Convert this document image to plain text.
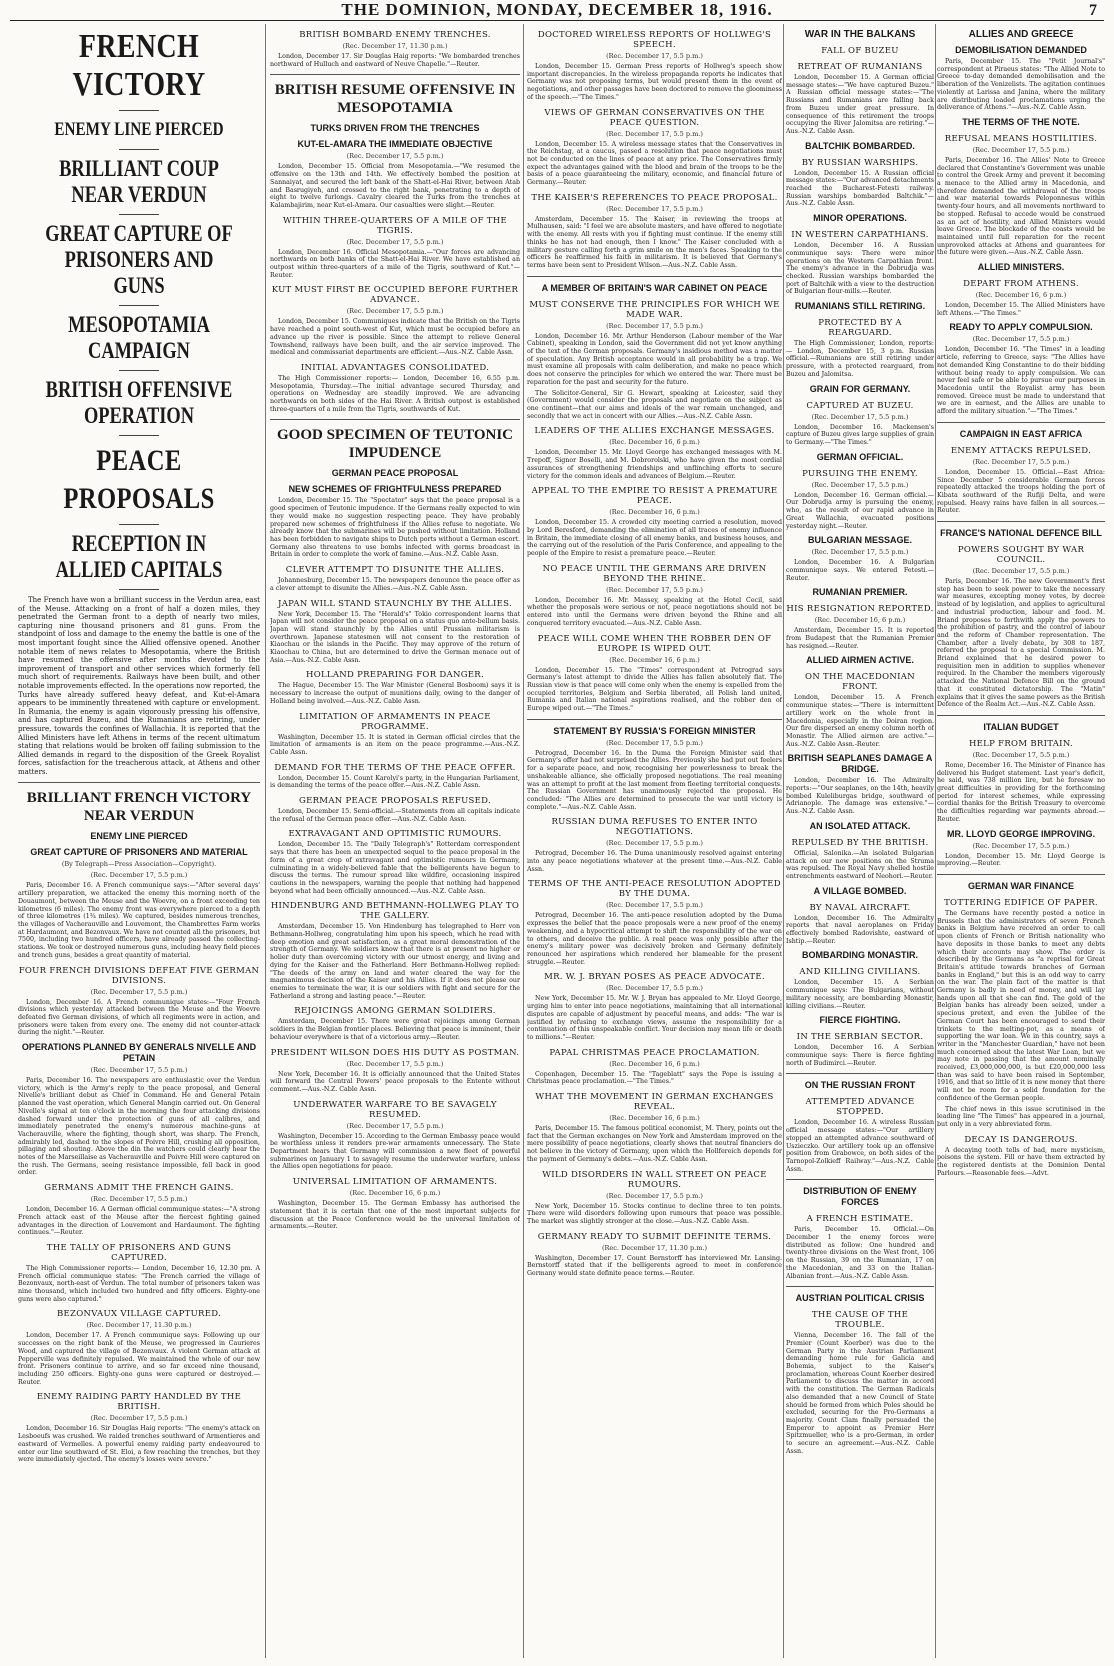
THE DOMINION, MONDAY, DECEMBER 18, 1916.	7
FRENCH VICTORY
ENEMY LINE PIERCED
BRILLIANT COUP NEAR VERDUN
GREAT CAPTURE OF PRISONERS AND GUNS
MESOPOTAMIA CAMPAIGN
BRITISH OFFENSIVE OPERATION
PEACE PROPOSALS
RECEPTION IN ALLIED CAPITALS

The French have won a brilliant success in the Verdun area, east of the Meuse. Attacking on a front of half a dozen miles, they penetrated the German front to a depth of nearly two miles, capturing nine thousand prisoners and 81 guns. From the standpoint of loss and damage to the enemy the battle is one of the most important fought since the Allied offensive opened. Another notable item of news relates to Mesopotamia, where the British have resumed the offensive after months devoted to the improvement of transport and other services which formerly fell much short of requirements. Railways have been built, and other notable improvements effected. In the operations now reported, the Turks have already suffered heavy defeat, and Kut-el-Amara appears to be imminently threatened with capture or envelopment. In Rumania, the enemy is again vigorously pressing his offensive, and has captured Buzeu, and the Rumanians are retiring, under pressure, towards the confines of Wallachia. It is reported that the Allied Ministers have left Athens in terms of the recent ultimatum stating that relations would be broken off failing submission to the Allied demands in regard to the disposition of the Greek Royalist forces, satisfaction for the treacherous attack, at Athens and other matters.

BRILLIANT FRENCH VICTORY NEAR VERDUN
ENEMY LINE PIERCED
GREAT CAPTURE OF PRISONERS AND MATERIAL
(By Telegraph—Press Association—Copyright).
(Rec. December 17, 5.5 p.m.)

Paris, December 16. A French communique says:—"After several days' artillery preparation, we attacked the enemy this morning north of the Douaumont, between the Meuse and the Woevre, on a front exceeding ten kilometres (6 miles). The enemy front was everywhere pierced to a depth of three kilometres (1¾ miles). We captured, besides numerous trenches, the villages of Vacherauville and Louvemont, the Chambrettes Farm works at Hardaumont, and Bezonvaux. We have not counted all the prisoners, but 7500, including two hundred officers, have already passed the collecting-stations. We took or destroyed numerous guns, including heavy field pieces and trench guns, besides a great quantity of material.

FOUR FRENCH DIVISIONS DEFEAT FIVE GERMAN DIVISIONS.
(Rec. December 17, 5.5 p.m.)

London, December 16. A French communique states:—"Four French divisions which yesterday attacked between the Meuse and the Woevre defeated five German divisions, of which all regiments were in action, and prisoners were taken from every one. The enemy did not counter-attack during the night."—Reuter.

OPERATIONS PLANNED BY GENERALS NIVELLE AND PETAIN
(Rec. December 17, 5.5 p.m.)

Paris, December 16. The newspapers are enthusiastic over the Verdun victory, which is the Army's reply to the peace proposal, and General Nivelle's brilliant debut as Chief in Command. He and General Petain planned the vast operation, which General Mangin carried out. On General Nivelle's signal at ten o'clock in the morning the four attacking divisions dashed forward under the protection of guns of all calibres, and immediately penetrated the enemy's numerous machine-guns at Vacherauville, where the fighting, though short, was sharp. The French, admirably led, dashed to the slopes of Poivre Hill, crushing all opposition, pillaging and shouting. Above the din the watchers could clearly hear the notes of the Marseillaise as Vacherauville and Poivre Hill were captured on the rush. The Germans, seeing resistance impossible, fell back in good order.

GERMANS ADMIT THE FRENCH GAINS.
(Rec. December 17, 5.5 p.m.)

London, December 16. A German official communique states:—"A strong French attack east of the Meuse after the fiercest fighting gained advantages in the direction of Louvemont and Hardaumont. The fighting continues."—Reuter.

THE TALLY OF PRISONERS AND GUNS CAPTURED.

The High Commissioner reports:— London, December 16, 12.30 pm. A French official communique states: "The French carried the village of Bezonvaux, north-east of Verdun. The total number of prisoners taken was nine thousand, which included two hundred and fifty officers. Eighty-one guns were also captured."

BEZONVAUX VILLAGE CAPTURED.
(Rec. December 17, 11.30 p.m.)

London, December 17. A French communique says: Following up our successes on the right bank of the Meuse, we progressed in Caurieres Wood, and captured the village of Bezonvaux. A violent German attack at Pepperville was definitely repulsed. We maintained the whole of our new front. Prisoners continue to arrive, and so far exceed nine thousand, including 250 officers. Eighty-one guns were captured or destroyed.—Reuter.

ENEMY RAIDING PARTY HANDLED BY THE BRITISH.
(Rec. December 17, 5.5 p.m.)

London, December 16. Sir Douglas Haig reports: "The enemy's attack on Lesboeufs was crushed. We raided trenches southward of Armentieres and eastward of Vermelles. A powerful enemy raiding party endeavoured to enter our line southward of St. Eloi, a few reaching the trenches, but they were immediately ejected. The enemy's losses were severe."

BRITISH BOMBARD ENEMY TRENCHES.
(Rec. December 17, 11.30 p.m.)

London, December 17. Sir Douglas Haig reports: "We bombarded trenches northward of Hulluch and eastward of Neuve Chapelle."—Reuter.

BRITISH RESUME OFFENSIVE IN MESOPOTAMIA
TURKS DRIVEN FROM THE TRENCHES
KUT-EL-AMARA THE IMMEDIATE OBJECTIVE
(Rec. December 17, 5.5 p.m.)

London, December 15. Official from Mesopotamia.—"We resumed the offensive on the 13th and 14th. We effectively bombed the position at Sannaiyat, and secured the left bank of the Shatt-el-Hai River, between Atab and Basrugiyeh, and crossed to the right bank, penetrating to a depth of eight to twelve furlongs. Cavalry cleared the Turks from the trenches at Kalambajirim, near Kut-el-Amara. Our casualties were slight.—Reuter.

WITHIN THREE-QUARTERS OF A MILE OF THE TIGRIS.
(Rec. December 17, 5.5 p.m.)

London, December 16. Official Mesopotamia.—"Our forces are advancing northwards on both banks of the Shatt-el-Hai River. We have established an outpost within three-quarters of a mile of the Tigris, southward of Kut."—Reuter.

KUT MUST FIRST BE OCCUPIED BEFORE FURTHER ADVANCE.
(Rec. December 17, 5.5 p.m.)

London, December 15. Communiques indicate that the British on the Tigris have reached a point south-west of Kut, which must be occupied before an advance up the river is possible. Since the attempt to relieve General Townshend, railways have been built, and the air service improved. The medical and commissariat departments are efficient.—Aus.-N.Z. Cable Assn.

INITIAL ADVANTAGES CONSOLIDATED.

The High Commissioner reports:— London, December 16, 6.55 p.m. Mesopotamia, Thursday.—The initial advantage secured Thursday, and operations on Wednesday are steadily improved. We are advancing northwards on both sides of the Hai River. A British outpost is established three-quarters of a mile from the Tigris, southwards of Kut.

GOOD SPECIMEN OF TEUTONIC IMPUDENCE
GERMAN PEACE PROPOSAL
NEW SCHEMES OF FRIGHTFULNESS PREPARED

London, December 15. The "Spectator" says that the peace proposal is a good specimen of Teutonic impudence. If the Germans really expected to win they would make no suggestion respecting peace. They have probably prepared new schemes of frightfulness if the Allies refuse to negotiate. We already know that the submarines will be pushed without limitation. Holland has been forbidden to navigate ships to Dutch ports without a German escort. Germany also threatens to use bombs infected with germs broadcast in Britain in order to complete the work of famine.—Aus.-N.Z. Cable Assn.

CLEVER ATTEMPT TO DISUNITE THE ALLIES.

Johannesburg, December 15. The newspapers denounce the peace offer as a clever attempt to disunite the Allies.—Aus.-N.Z. Cable Assn.

JAPAN WILL STAND STAUNCHLY BY THE ALLIES.

New York, December 15. The "Herald's" Tokio correspondent learns that Japan will not consider the peace proposal on a status quo ante-bellum basis. Japan will stand staunchly by the Allies until Prussian militarism is overthrown. Japanese statesmen will not consent to the restoration of Kiaochau or the islands in the Pacific. They may approve of the return of Kiaochau to China, but are determined to drive the German menace out of Asia.—Aus.-N.Z. Cable Assn.

HOLLAND PREPARING FOR DANGER.

The Hague, December 15. The War Minister (General Bosboom) says it is necessary to increase the output of munitions daily, owing to the danger of Holland being involved.—Aus.-N.Z. Cable Assn.

LIMITATION OF ARMAMENTS IN PEACE PROGRAMME.

Washington, December 15. It is stated in German official circles that the limitation of armaments is an item on the peace programme.—Aus.-N.Z. Cable Assn.

DEMAND FOR THE TERMS OF THE PEACE OFFER.

London, December 15. Count Karolyi's party, in the Hungarian Parliament, is demanding the terms of the peace offer.—Aus.-N.Z. Cable Assn.

GERMAN PEACE PROPOSALS REFUSED.

London, December 15. Semi-official.—Statements from all capitals indicate the refusal of the German peace offer.—Aus.-N.Z. Cable Assn.

EXTRAVAGANT AND OPTIMISTIC RUMOURS.

London, December 15. The "Daily Telegraph's" Rotterdam correspondent says that there has been an unexpected sequel to the peace proposal in the form of a great crop of extravagant and optimistic rumours in Germany, culminating in a widely-believed fable that the belligerents have begun to discuss the terms. The rumour spread like wildfire, occasioning inspired cautions in the newspapers, warning the people that nothing had happened beyond what had been officially announced.—Aus.-N.Z. Cable Assn.

HINDENBURG AND BETHMANN-HOLLWEG PLAY TO THE GALLERY.

Amsterdam, December 15. Von Hindenburg has telegraphed to Herr von Bethmann-Hollweg, congratulating him upon his speech, which he read with deep emotion and great satisfaction, as a great moral demonstration of the strength of Germany. We soldiers know that there is at present no higher or holier duty than overcoming victory with our utmost energy, and living and dying for the Kaiser and the Fatherland. Herr Bethmann-Hollweg replied: "The deeds of the army on land and water cleared the way for the magnanimous decision of the Kaiser and his Allies. If it does not please our enemies to terminate the war, it is our soldiers with fight and secure for the Fatherland a strong and lasting peace."—Reuter.

REJOICINGS AMONG GERMAN SOLDIERS.

Amsterdam, December 15. There were great rejoicings among German soldiers in the Belgian frontier places. Believing that peace is imminent, their behaviour everywhere is that of a victorious army.—Reuter.

PRESIDENT WILSON DOES HIS DUTY AS POSTMAN.
(Rec. December 17, 5.5 p.m.)

New York, December 16. It is officially announced that the United States will forward the Central Powers' peace proposals to the Entente without comment.—Aus.-N.Z. Cable Assn.

UNDERWATER WARFARE TO BE SAVAGELY RESUMED.
(Rec. December 17, 5.5 p.m.)

Washington, December 15. According to the German Embassy peace would be worthless unless it renders pre-war armaments unnecessary. The State Department hears that Germany will commission a new fleet of powerful submarines on January 1 to savagely resume the underwater warfare, unless the Allies open negotiations for peace.

UNIVERSAL LIMITATION OF ARMAMENTS.
(Rec. December 16, 6 p.m.)

Washington, December 15. The German Embassy has authorised the statement that it is certain that one of the most important subjects for discussion at the Peace Conference would be the universal limitation of armaments.—Reuter.

DOCTORED WIRELESS REPORTS OF HOLLWEG'S SPEECH.
(Rec. December 17, 5.5 p.m.)

London, December 15. German Press reports of Hollweg's speech show important discrepancies. In the wireless propaganda reports he indicates that Germany was not proposing terms, but would present them in the event of negotiations, and other passages have been doctored to remove the gloominess of the speech.—"The Times."

VIEWS OF GERMAN CONSERVATIVES ON THE PEACE QUESTION.
(Rec. December 17, 5.5 p.m.)

London, December 15. A wireless message states that the Conservatives in the Reichstag, at a caucus, passed a resolution that peace negotiations must not be conducted on the lines of peace at any price. The Conservatives firmly expect the advantages gained with the blood and brain of the troops to be the basis of a peace guaranteeing the military, economic, and financial future of Germany.—Reuter.

THE KAISER'S REFERENCES TO PEACE PROPOSAL.
(Rec. December 17, 5.5 p.m.)

Amsterdam, December 15. The Kaiser, in reviewing the troops at Mulhausen, said: "I feel we are absolute masters, and have offered to negotiate with the enemy. All rests with you if fighting must continue. If the enemy still thinks he has not had enough, then I know." The Kaiser concluded with a military gesture calling forth a grim smile on the men's faces. Speaking to the officers he reaffirmed his faith in militarism. It is believed that Germany's terms have been sent to President Wilson.—Aus.-N.Z. Cable Assn.

A MEMBER OF BRITAIN'S WAR CABINET ON PEACE
MUST CONSERVE THE PRINCIPLES FOR WHICH WE MADE WAR.
(Rec. December 17, 5.5 p.m.)

London, December 16. Mr. Arthur Henderson (Labour member of the War Cabinet), speaking in London, said the Government did not yet know anything of the text of the German proposals. Germany's insidious method was a matter of speculation. Any British acceptance would in all probability be a trap. We must examine all proposals with calm deliberation, and make no peace which does not conserve the principles for which we entered the war. There must be reparation for the past and security for the future.

The Solicitor-General, Sir G. Hewart, speaking at Leicester, said they (Government) would consider the proposals and negotiate on the subject as one continent—that our aims and ideals of the war remain unchanged, and secondly that we act in concert with our Allies.—Aus.-N.Z. Cable Assn.

LEADERS OF THE ALLIES EXCHANGE MESSAGES.
(Rec. December 16, 6 p.m.)

London, December 15. Mr. Lloyd George has exchanged messages with M. Trepoff, Signor Boselli, and M. Dobrorolski, who have given the most cordial assurances of strengthening friendships and unflinching efforts to secure victory for the common ideals and advances of Belgium.—Reuter.

APPEAL TO THE EMPIRE TO RESIST A PREMATURE PEACE.
(Rec. December 16, 6 p.m.)

London, December 15. A crowded city meeting carried a resolution, moved by Lord Beresford, demanding the elimination of all traces of enemy influence in Britain, the immediate closing of all enemy banks, and business houses, and the carrying out of the resolution of the Paris Conference, and appealing to the people of the Empire to resist a premature peace.—Reuter.

NO PEACE UNTIL THE GERMANS ARE DRIVEN BEYOND THE RHINE.
(Rec. December 17, 5.5 p.m.)

London, December 16. Mr. Massey, speaking at the Hotel Cecil, said whether the proposals were serious or not, peace negotiations should not be entered into until the Germans were driven beyond the Rhine and all conquered territory evacuated.—Aus.-N.Z. Cable Assn.

PEACE WILL COME WHEN THE ROBBER DEN OF EUROPE IS WIPED OUT.
(Rec. December 16, 6 p.m.)

London, December 15. The "Times" correspondent at Petrograd says Germany's latest attempt to divide the Allies has fallen absolutely flat. The Russian view is that peace will come only when the enemy is expelled from the occupied territories, Belgium and Serbia liberated, all Polish land united, Rumania and Italian national aspirations realised, and the robber den of Europe wiped out.—"The Times."

STATEMENT BY RUSSIA'S FOREIGN MINISTER
(Rec. December 17, 5.5 p.m.)

Petrograd, December 16. In the Duma the Foreign Minister said that Germany's offer had not surprised the Allies. Previously she had put out feelers for a separate peace, and now, recognising her powerlessness to break the unshakeable alliance, she officially proposed negotiations. The real meaning was an attempt to profit at the last moment from fleeting territorial conquests. The Russian Government has unanimously rejected the proposal. He concluded: "The Allies are determined to prosecute the war until victory is complete."—Aus.-N.Z. Cable Assn.

RUSSIAN DUMA REFUSES TO ENTER INTO NEGOTIATIONS.
(Rec. December 17, 5.5 p.m.)

Petrograd, December 16. The Duma unanimously resolved against entering into any peace negotiations whatever at the present time.—Aus.-N.Z. Cable Assn.

TERMS OF THE ANTI-PEACE RESOLUTION ADOPTED BY THE DUMA.
(Rec. December 17, 5.5 p.m.)

Petrograd, December 16. The anti-peace resolution adopted by the Duma expresses the belief that the peace proposals were a new proof of the enemy weakening, and a hypocritical attempt to shift the responsibility of the war on to others, and deceive the public. A real peace was only possible after the enemy's military power was decisively broken and Germany definitely renounced her aspirations which rendered her blameable for the present struggle.—Reuter.

MR. W. J. BRYAN POSES AS PEACE ADVOCATE.
(Rec. December 17, 5.5 p.m.)

New York, December 15. Mr. W. J. Bryan has appealed to Mr. Lloyd George, urging him to enter into peace negotiations, maintaining that all international disputes are capable of adjustment by peaceful means, and adds: "The war is justified by refusing to exchange views, assume the responsibility for a continuation of this unspeakable conflict. Your decision may mean life or death to millions."—Reuter.

PAPAL CHRISTMAS PEACE PROCLAMATION.
(Rec. December 16, 6 p.m.)

Copenhagen, December 15. The "Tageblatt" says the Pope is issuing a Christmas peace proclamation.—"The Times."

WHAT THE MOVEMENT IN GERMAN EXCHANGES REVEAL.
(Rec. December 16, 6 p.m.)

Paris, December 15. The famous political economist, M. Thery, points out the fact that the German exchanges on New York and Amsterdam improved on the mere possibility of peace negotiations, clearly shows that neutral financiers do not believe in the victory of Germany, upon which the Hollfereich depends for the payment of Germany's debts.—Aus.-N.Z. Cable Assn.

WILD DISORDERS IN WALL STREET ON PEACE RUMOURS.
(Rec. December 17, 5.5 p.m.)

New York, December 15. Stocks continue to decline three to ten points. There were wild disorders following upon rumours that peace was possible. The market was slightly stronger at the close.—Aus.-N.Z. Cable Assn.

GERMANY READY TO SUBMIT DEFINITE TERMS.
(Rec. December 17, 11.30 p.m.)

Washington, December 17. Count Bernstorff has interviewed Mr. Lansing. Bernstorff stated that if the belligerents agreed to meet in conference Germany would state definite peace terms.—Reuter.

WAR IN THE BALKANS
FALL OF BUZEU
RETREAT OF RUMANIANS

London, December 15. A German official message states:—"We have captured Buzeu." A Russian official message states:—"The Russians and Rumanians are falling back from Buzeu under great pressure. In consequence of this retirement the troops occupying the River Jalomitsa are retiring."—Aus.-N.Z. Cable Assn.

BALTCHIK BOMBARDED.
BY RUSSIAN WARSHIPS.

London, December 15. A Russian official message states:—"Our advanced detachments reached the Bucharest-Fetesti railway. Russian warships bombarded Baltchik."—Aus.-N.Z. Cable Assn.

MINOR OPERATIONS.
IN WESTERN CARPATHIANS.

London, December 16. A Russian communique says: There were minor operations on the Western Carpathian front. The enemy's advance in the Dobrudja was checked. Russian warships bombarded the port of Baltchik with a view to the destruction of Bulgarian flour-mills.—Reuter.

RUMANIANS STILL RETIRING.
PROTECTED BY A REARGUARD.

The High Commissioner, London, reports:— London, December 15, 3 p.m. Russian official.—Rumanians are still retiring under pressure, with a protected rearguard, from Buzeu and Jalomitsa.

GRAIN FOR GERMANY.
CAPTURED AT BUZEU.
(Rec. December 17, 5.5 p.m.)

London, December 16. Mackensen's capture of Buzeu gives large supplies of grain to Germany.—"The Times."

GERMAN OFFICIAL.
PURSUING THE ENEMY.
(Rec. December 17, 5.5 p.m.)

London, December 16. German official.—Our Dobrudja army is pursuing the enemy, who, as the result of our rapid advance in Great Wallachia, evacuated positions yesterday night.—Reuter.

BULGARIAN MESSAGE.
(Rec. December 17, 5.5 p.m.)

London, December 16. A Bulgarian communique says. We entered Fetesti.—Reuter.

RUMANIAN PREMIER.
HIS RESIGNATION REPORTED.
(Rec. December 16, 6 p.m.)

Amsterdam, December 15. It is reported from Budapest that the Rumanian Premier has resigned.—Reuter.

ALLIED AIRMEN ACTIVE.
ON THE MACEDONIAN FRONT.

London, December 15. A French communique states:—"There is intermittent artillery work on the whole front in Macedonia, especially in the Doiran region. Our fire dispersed an enemy column north of Monastir. The Allied airmen are active."—Aus.-N.Z. Cable Assn.-Reuter.

BRITISH SEAPLANES DAMAGE A BRIDGE.

London, December 16. The Admiralty reports:—"Our seaplanes, on the 14th, heavily bombed Kuleliburgas bridge, southward of Adrianople. The damage was extensive."—Aus.-N.Z. Cable Assn.

AN ISOLATED ATTACK.
REPULSED BY THE BRITISH.

Official, Salonika.—An isolated Bulgarian attack on our new positions on the Struma was repulsed. The Royal Navy shelled hostile entrenchments eastward of Neohori.—Reuter.

A VILLAGE BOMBED.
BY NAVAL AIRCRAFT.

London, December 16. The Admiralty reports that naval aeroplanes on Friday effectively bombed Radovishte, eastward of Ishtip.—Reuter.

BOMBARDING MONASTIR.
AND KILLING CIVILIANS.

London, December 15. A Serbian communique says: The Bulgarians, without military necessity, are bombarding Monastir, killing civilians.—Reuter.

FIERCE FIGHTING.
IN THE SERBIAN SECTOR.

London, December 16. A Serbian communique says: There is fierce fighting north of Budimirci.—Reuter.

ON THE RUSSIAN FRONT
ATTEMPTED ADVANCE STOPPED.

London, December 16. A wireless Russian official message states:—"Our artillery stopped an attempted advance southward of Uszieczko. Our artillery took up an offensive position from Grabowce, on both sides of the Tarnopol-Zolkieff Railway."—Aus.-N.Z. Cable Assn.

DISTRIBUTION OF ENEMY FORCES
A FRENCH ESTIMATE.

Paris, December 15. Official.—On December 1 the enemy forces were distributed as follow: One hundred and twenty-three divisions on the West front, 106 on the Russian, 39 on the Rumanian, 17 on the Macedonian, and 33 on the Italian-Albanian front.—Aus.-N.Z. Cable Assn.

AUSTRIAN POLITICAL CRISIS
THE CAUSE OF THE TROUBLE.

Vienna, December 16. The fall of the Premier (Count Koerber) was due to the German Party in the Austrian Parliament demanding home rule for Galicia and Bohemia, subject to the Kaiser's proclamation, whereas Count Koerber desired Parliament to discuss the matter in accord with the constitution. The German Radicals also demanded that a new Council of State should be formed from which Poles should be excluded, securing for the Pro-Germans a majority. Count Clam finally persuaded the Emperor to appoint as Premier Herr Spitzmueller, who is a pro-German, in order to secure an agreement.—Aus.-N.Z. Cable Assn.

ALLIES AND GREECE
DEMOBILISATION DEMANDED

Paris, December 15. The "Petit Journal's" correspondent at Piraeus states: "The Allied Note to Greece to-day demanded demobilisation and the liberation of the Venizelists. The agitation continues violently at Larissa and Janina, where the military are distributing loaded proclamations urging the deliverance of Athens."—Aus.-N.Z. Cable Assn.

THE TERMS OF THE NOTE.
REFUSAL MEANS HOSTILITIES.
(Rec. December 17, 5.5 p.m.)

Paris, December 16. The Allies' Note to Greece declared that Constantine's Government was unable to control the Greek Army and prevent it becoming a menace to the Allied army in Macedonia, and therefore demanded the withdrawal of the troops and war material towards Peloponnesus within twenty-four hours, and all movements northward to be stopped. Refusal to accede would be construed as an act of hostility, and Allied Ministers would leave Greece. The blockade of the coasts would be maintained until full reparation for the recent unprovoked attacks at Athens and guarantees for the future were given.—Aus.-N.Z. Cable Assn.

ALLIED MINISTERS.
DEPART FROM ATHENS.
(Rec. December 16, 6 p.m.)

London, December 15. The Allied Ministers have left Athens.—"The Times."

READY TO APPLY COMPULSION.
(Rec. December 17, 5.5 p.m.)

London, December 16. "The Times" in a leading article, referring to Greece, says: "The Allies have not demanded King Constantine to do their bidding without being ready to apply compulsion. We can never feel safe or be able to pursue our purposes in Macedonia until the Royalist army has been removed. Greece must be made to understand that we are in earnest, and the Allies are unable to afford the military situation."—"The Times."

CAMPAIGN IN EAST AFRICA
ENEMY ATTACKS REPULSED.
(Rec. December 17, 5.5 p.m.)

London, December 15. Official.—East Africa: Since December 5 considerable German forces repeatedly attacked the troops holding the port of Kibata southward of the Rufiji Delta, and were repulsed. Heavy rains have fallen in all sources.—Reuter.

FRANCE'S NATIONAL DEFENCE BILL
POWERS SOUGHT BY WAR COUNCIL.
(Rec. December 17, 5.5 p.m.)

Paris, December 16. The new Government's first step has been to seek power to take the necessary war measures, excepting money votes, by decree instead of by legislation, and applies to agricultural and industrial production, labour and food. M. Briand proposes to forthwith apply the powers to the prohibition of pastry, and the control of labour and the reform of Chamber representation. The Chamber, after a lively debate, by 308 to 187, referred the proposal to a special Commission. M. Briand explained that he desired power to requisition men in addition to supplies whenever required. In the Chamber the members vigorously attacked the National Defence Bill on the ground that it constituted dictatorship. The "Matin" explains that it gives the same powers as the British Defence of the Realm Act.—Aus.-N.Z. Cable Assn.

ITALIAN BUDGET
HELP FROM BRITAIN.
(Rec. December 17, 5.5 p.m.)

Rome, December 16. The Minister of Finance has delivered his Budget statement. Last year's deficit, he said, was 738 million lire, but he foresaw no great difficulties in providing for the forthcoming period for interest schemes, while expressing cordial thanks for the British Treasury to overcome the difficulties regarding war payments abroad.—Reuter.

MR. LLOYD GEORGE IMPROVING.
(Rec. December 17, 5.5 p.m.)

London, December 15. Mr. Lloyd George is improving.—Reuter.

GERMAN WAR FINANCE
TOTTERING EDIFICE OF PAPER.

The Germans have recently posted a notice in Brussels that the administrators of seven French banks in Belgium have received an order to call upon clients of French or British nationality who have deposits in those banks to meet any debts which their accounts may show. The order is described by the Germans as "a reprisal for Great Britain's attitude towards branches of German banks in England," but this is an odd way to carry on the war. The plain fact of the matter is that Germany is badly in need of money, and will lay hands upon all that she can find. The gold of the Belgian banks has already been seized, under a specious pretext, and even the Jubilee of the German Court has been encouraged to send their trinkets to the melting-pot, as a means of supporting the war loan. We in this country, says a writer in the "Manchester Guardian," have not been much concerned about the latest War Loan, but we may note in passing that the amount nominally received, £3,000,000,000, is but £20,000,000 less than was said to have been raised in September, 1916, and that so little of it is new money that there will not be room for a solid foundation for the confidence of the German people.

The chief news in this issue scrutinised in the leading line "The Times" has appeared in a journal, but only in a very abbreviated form.

DECAY IS DANGEROUS.

A decaying tooth tells of bad, mere mysticism, poisons the system. Fill or have them extracted by the registered dentists at the Dominion Dental Parlours.—Reasonable fees.—Advt.
